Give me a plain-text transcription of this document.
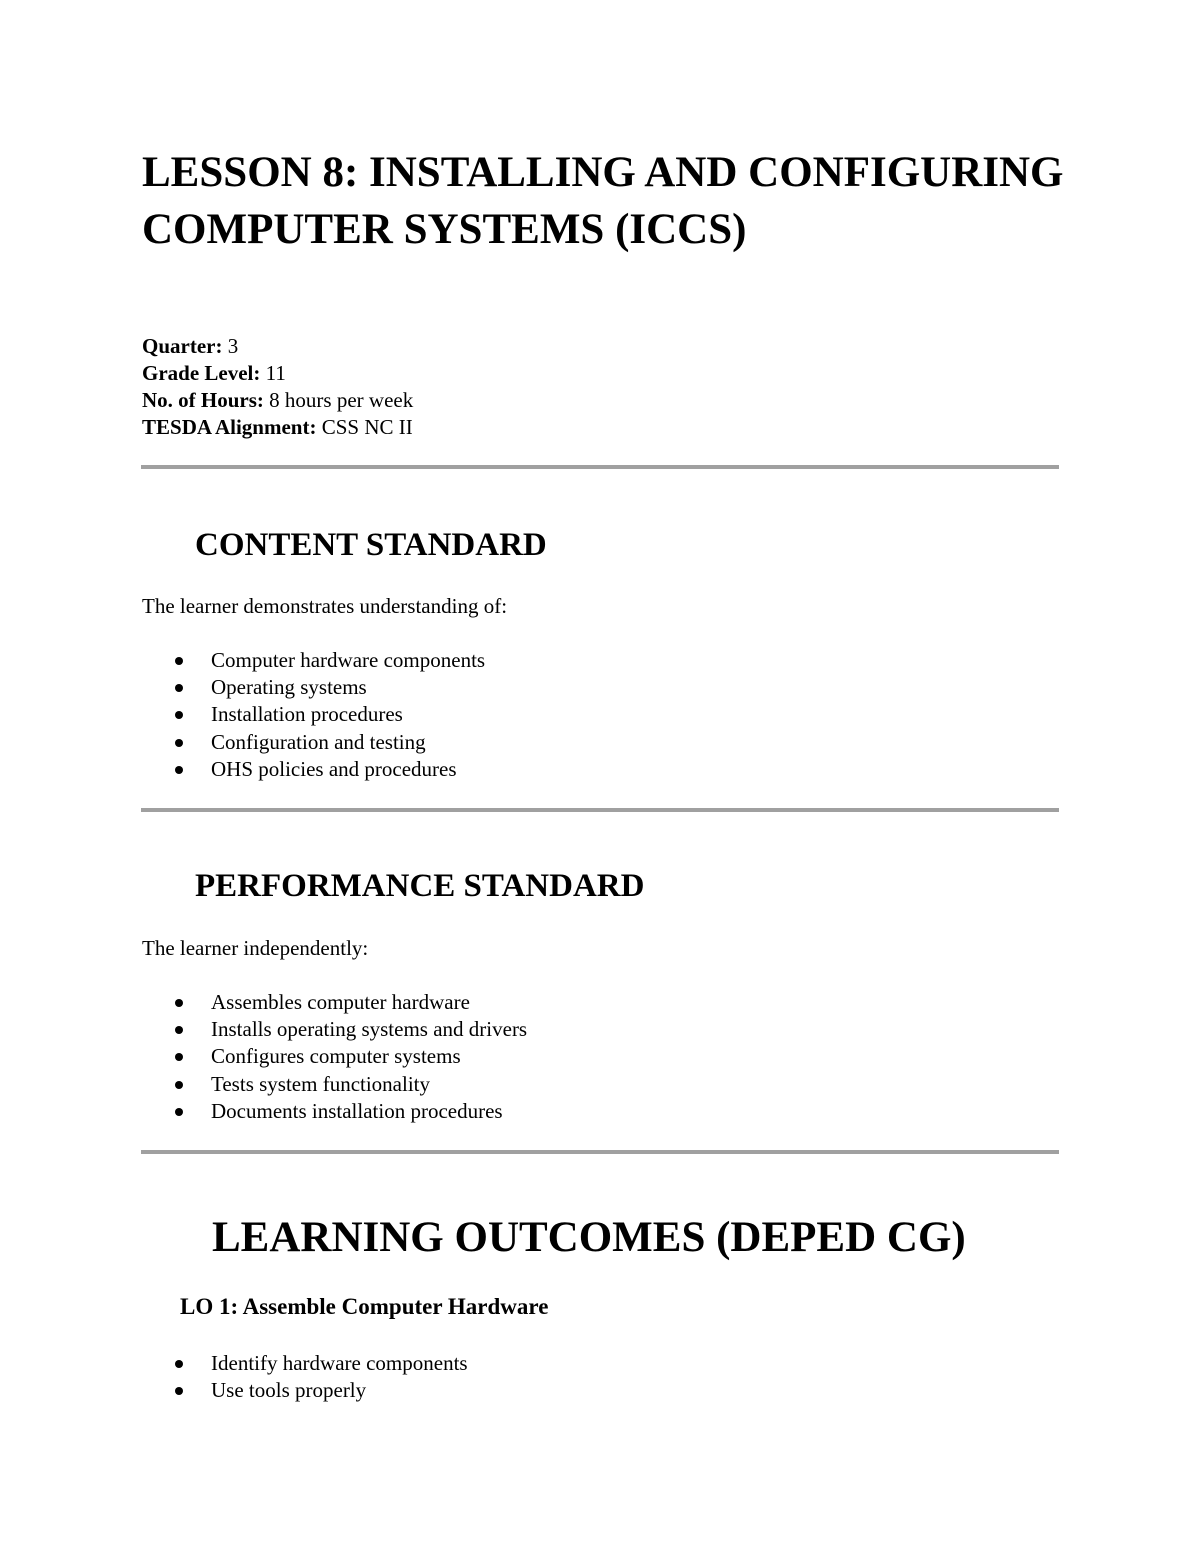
LESSON 8: INSTALLING AND CONFIGURING COMPUTER SYSTEMS (ICCS)
Quarter: 3
Grade Level: 11
No. of Hours: 8 hours per week
TESDA Alignment: CSS NC II
CONTENT STANDARD

The learner demonstrates understanding of:

Computer hardware components
Operating systems
Installation procedures
Configuration and testing
OHS policies and procedures
PERFORMANCE STANDARD

The learner independently:

Assembles computer hardware
Installs operating systems and drivers
Configures computer systems
Tests system functionality
Documents installation procedures
LEARNING OUTCOMES (DEPED CG)
LO 1: Assemble Computer Hardware
Identify hardware components
Use tools properly
